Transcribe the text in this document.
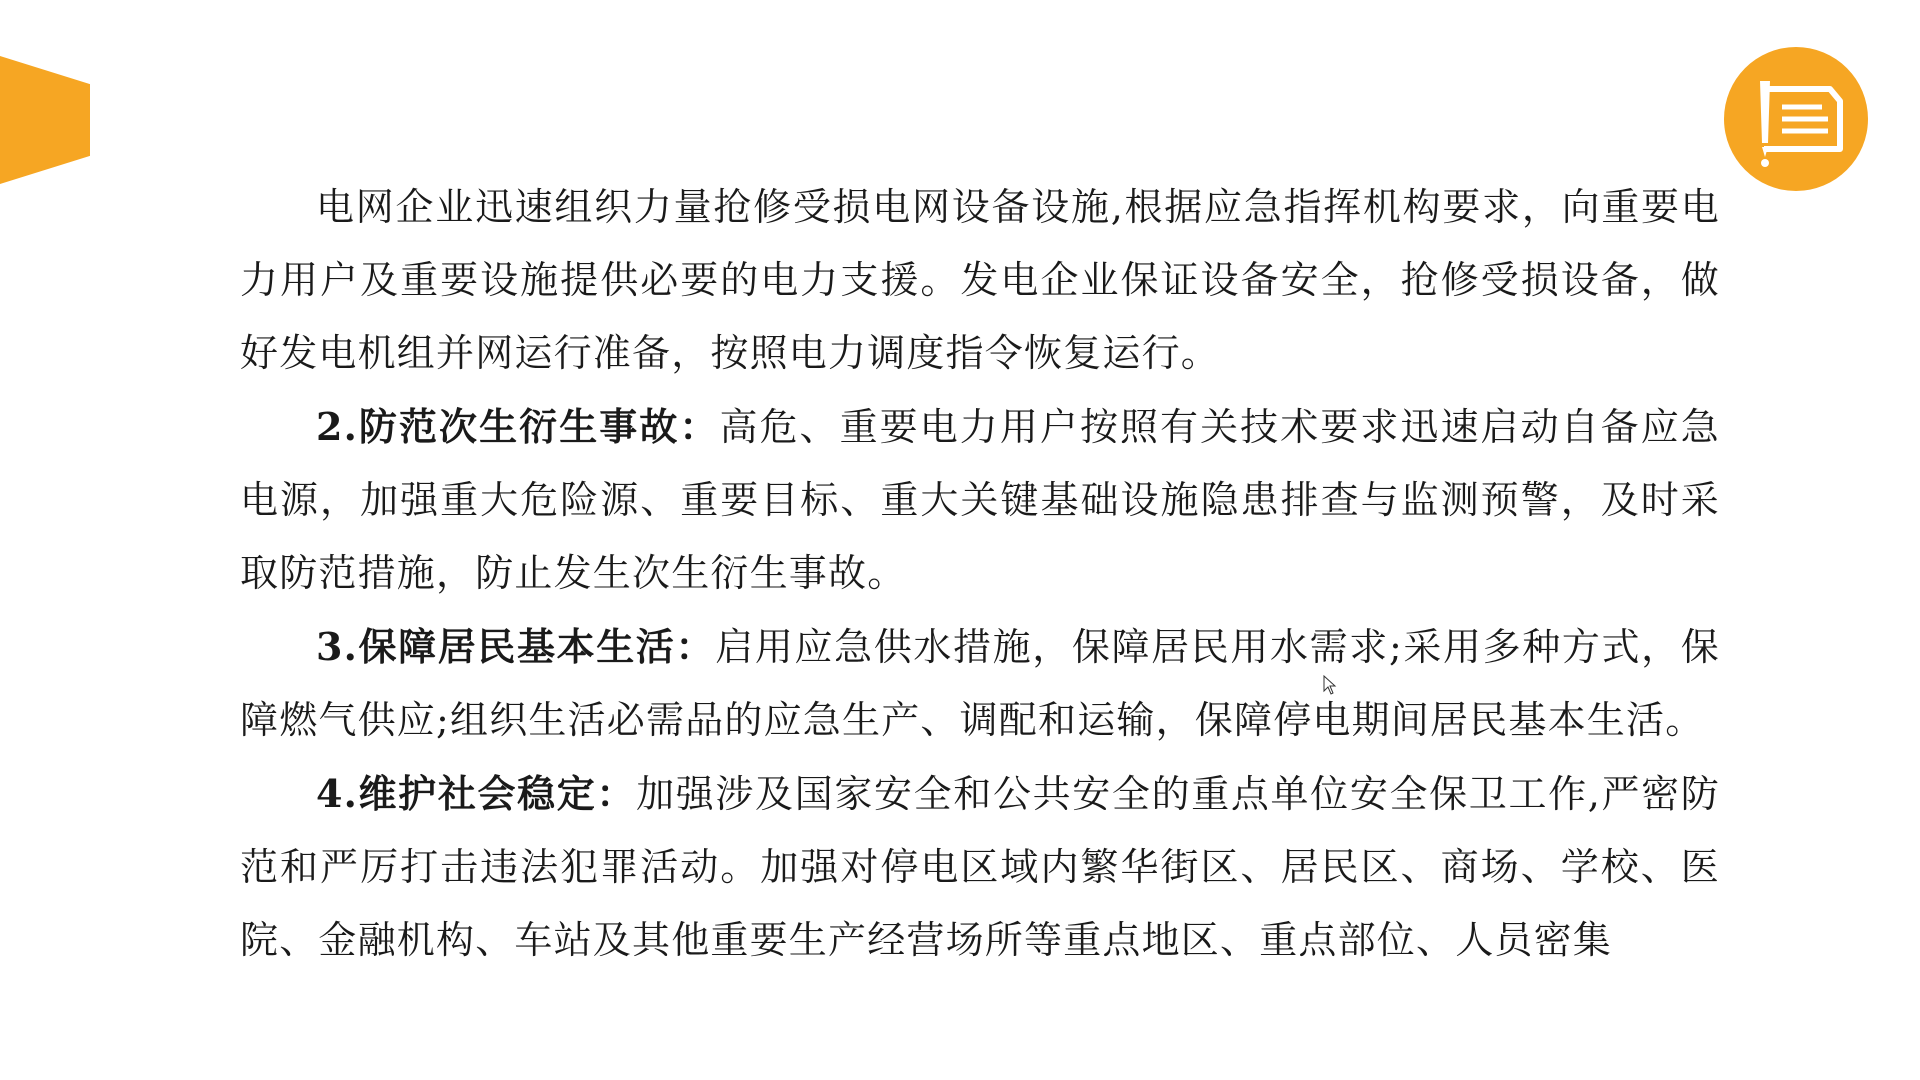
电网企业迅速组织力量抢修受损电网设备设施,根据应急指挥机构要求，向重要电力用户及重要设施提供必要的电力支援。发电企业保证设备安全，抢修受损设备，做好发电机组并网运行准备，按照电力调度指令恢复运行。

2.防范次生衍生事故：高危、重要电力用户按照有关技术要求迅速启动自备应急电源，加强重大危险源、重要目标、重大关键基础设施隐患排查与监测预警，及时采取防范措施，防止发生次生衍生事故。

3.保障居民基本生活：启用应急供水措施，保障居民用水需求;采用多种方式，保障燃气供应;组织生活必需品的应急生产、调配和运输，保障停电期间居民基本生活。

4.维护社会稳定：加强涉及国家安全和公共安全的重点单位安全保卫工作,严密防范和严厉打击违法犯罪活动。加强对停电区域内繁华街区、居民区、商场、学校、医院、金融机构、车站及其他重要生产经营场所等重点地区、重点部位、人员密集
